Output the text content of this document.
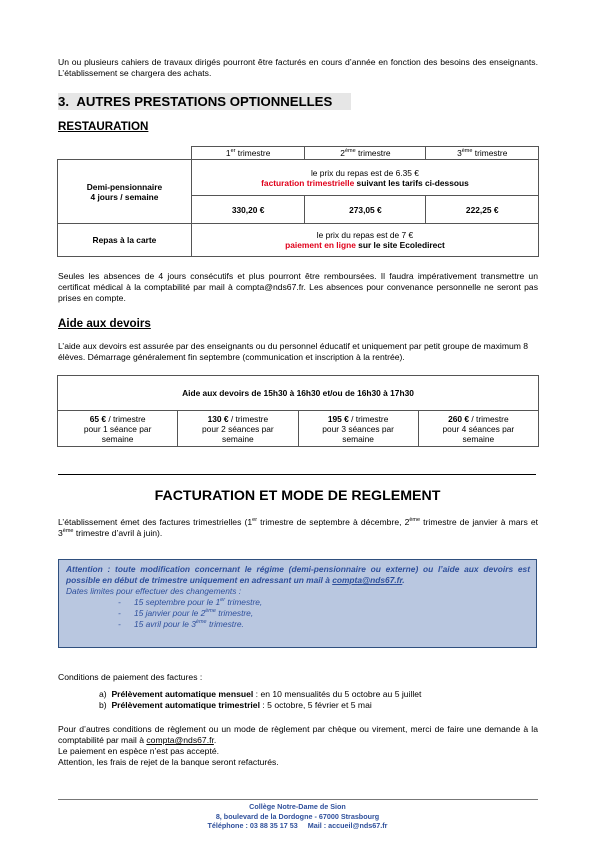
Un ou plusieurs cahiers de travaux dirigés pourront être facturés en cours d’année en fonction des besoins des enseignants. L’établissement se chargera des achats.
3. AUTRES PRESTATIONS OPTIONNELLES
RESTAURATION
	1er trimestre	2ème trimestre	3ème trimestre
Demi-pensionnaire
4 jours / semaine	le prix du repas est de 6.35 €
facturation trimestrielle suivant les tarifs ci-dessous		
	330,20 €	273,05 €	222,25 €
Repas à la carte	le prix du repas est de 7 €
paiement en ligne sur le site Ecoledirect		
Seules les absences de 4 jours consécutifs et plus pourront être remboursées. Il faudra impérativement transmettre un certificat médical à la comptabilité par mail à compta@nds67.fr. Les absences pour convenance personnelle ne seront pas prises en compte.
Aide aux devoirs
L’aide aux devoirs est assurée par des enseignants ou du personnel éducatif et uniquement par petit groupe de maximum 8 élèves. Démarrage généralement fin septembre (communication et inscription à la rentrée).
Aide aux devoirs de 15h30 à 16h30 et/ou de 16h30 à 17h30
65 € / trimestre
pour 1 séance par
semaine	130 € / trimestre
pour 2 séances par
semaine	195 € / trimestre
pour 3 séances par
semaine	260 € / trimestre
pour 4 séances par
semaine
FACTURATION ET MODE DE REGLEMENT
L’établissement émet des factures trimestrielles (1er trimestre de septembre à décembre, 2ème trimestre de janvier à mars et 3ème trimestre d’avril à juin).
Attention : toute modification concernant le régime (demi-pensionnaire ou externe) ou l’aide aux devoirs est possible en début de trimestre uniquement en adressant un mail à compta@nds67.fr.
Dates limites pour effectuer des changements :
- 15 septembre pour le 1er trimestre,
- 15 janvier pour le 2ème trimestre,
- 15 avril pour le 3ème trimestre.
Conditions de paiement des factures :
a) Prélèvement automatique mensuel : en 10 mensualités du 5 octobre au 5 juillet
b) Prélèvement automatique trimestriel : 5 octobre, 5 février et 5 mai
Pour d’autres conditions de règlement ou un mode de règlement par chèque ou virement, merci de faire une demande à la comptabilité par mail à compta@nds67.fr.
Le paiement en espèce n’est pas accepté.
Attention, les frais de rejet de la banque seront refacturés.
Collège Notre-Dame de Sion
8, boulevard de la Dordogne - 67000 Strasbourg
Téléphone : 03 88 35 17 53     Mail : accueil@nds67.fr
